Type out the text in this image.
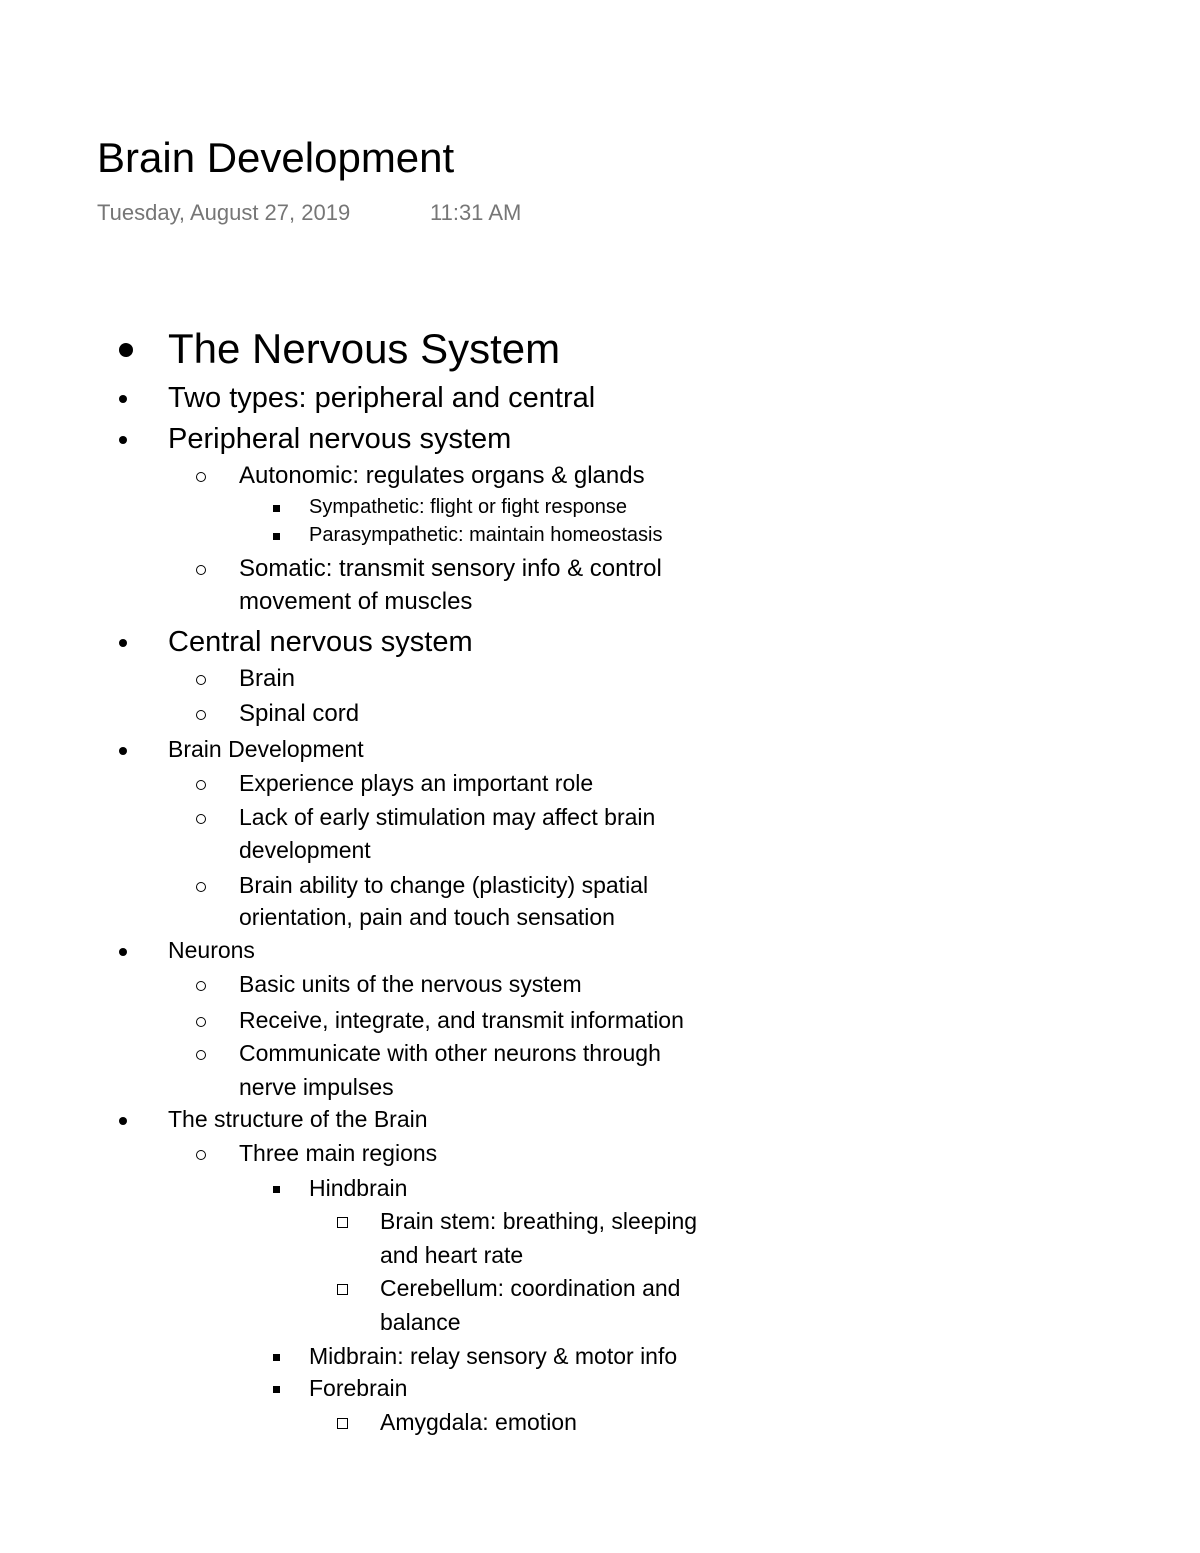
Brain Development
Tuesday, August 27, 2019	11:31 AM
The Nervous System
Two types: peripheral and central
Peripheral nervous system
Autonomic: regulates organs & glands
Sympathetic: flight or fight response
Parasympathetic: maintain homeostasis
Somatic: transmit sensory info & control
movement of muscles
Central nervous system
Brain
Spinal cord
Brain Development
Experience plays an important role
Lack of early stimulation may affect brain
development
Brain ability to change (plasticity) spatial
orientation, pain and touch sensation
Neurons
Basic units of the nervous system
Receive, integrate, and transmit information
Communicate with other neurons through
nerve impulses
The structure of the Brain
Three main regions
Hindbrain
Brain stem: breathing, sleeping
and heart rate
Cerebellum: coordination and
balance
Midbrain: relay sensory & motor info
Forebrain
Amygdala: emotion
